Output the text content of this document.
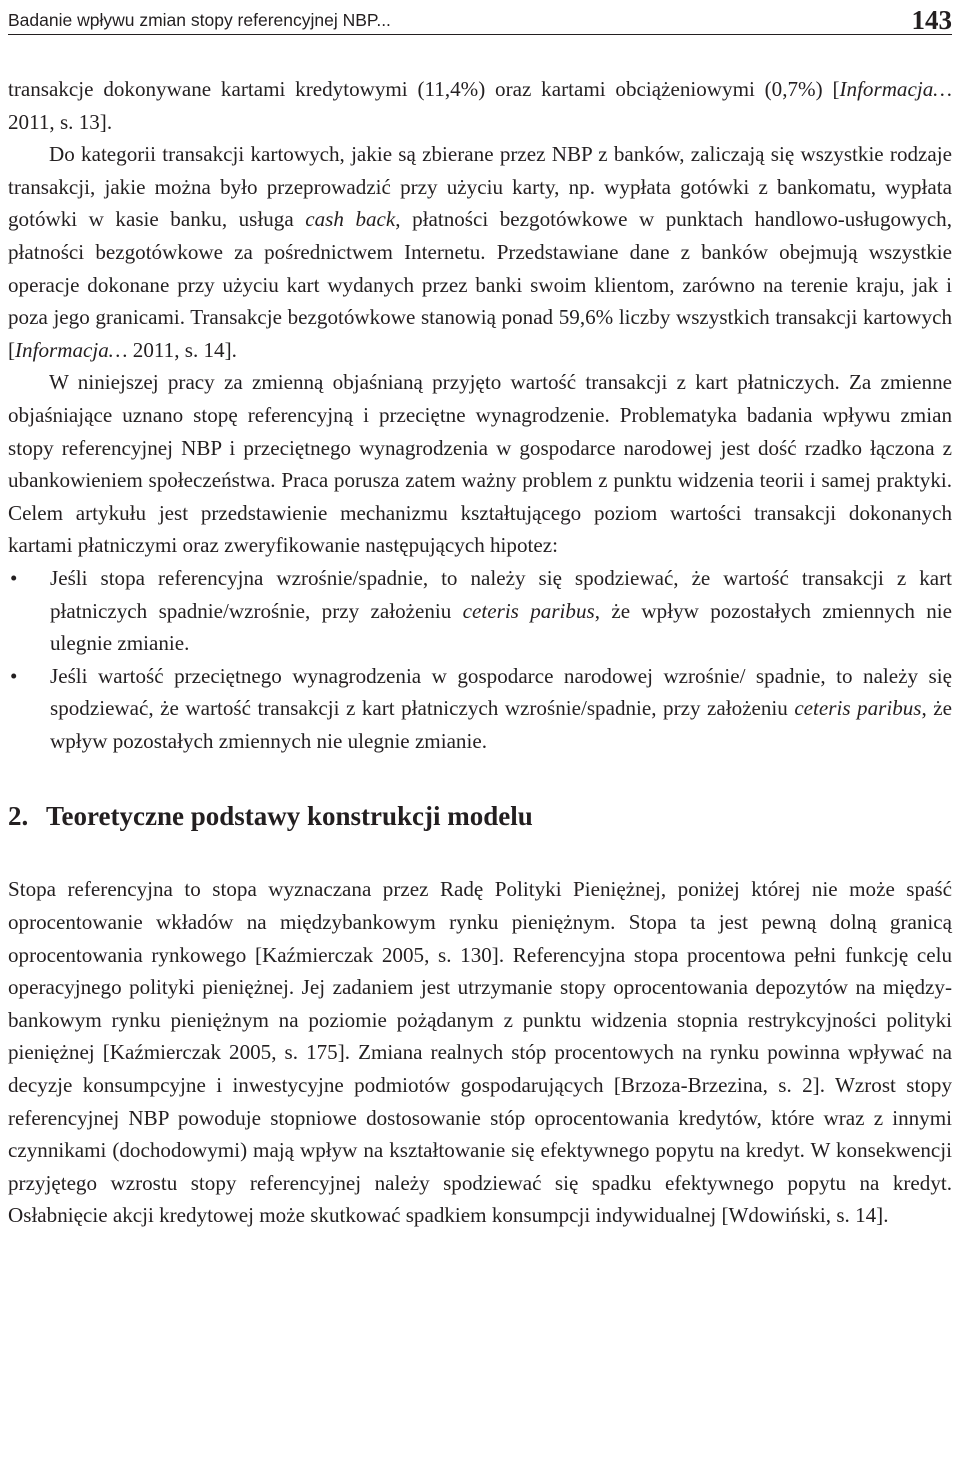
Badanie wpływu zmian stopy referencyjnej NBP...	143

transakcje dokonywane kartami kredytowymi (11,4%) oraz kartami obciążeniowymi (0,7%) [Informacja… 2011, s. 13].

Do kategorii transakcji kartowych, jakie są zbierane przez NBP z banków, zaliczają się wszystkie rodzaje transakcji, jakie można było przeprowadzić przy użyciu karty, np. wypłata gotówki z bankomatu, wypłata gotówki w kasie banku, usługa cash back, płatności bezgotówkowe w punktach handlowo-usługowych, płatności bezgotówkowe za pośrednictwem Internetu. Przedstawiane dane z banków obejmują wszystkie operacje dokonane przy użyciu kart wydanych przez banki swoim klientom, zarówno na terenie kraju, jak i poza jego granicami. Transakcje bezgotówkowe stanowią ponad 59,6% liczby wszystkich transakcji kartowych [Informacja… 2011, s. 14].

W niniejszej pracy za zmienną objaśnianą przyjęto wartość transakcji z kart płatniczych. Za zmienne objaśniające uznano stopę referencyjną i przeciętne wynagrodzenie. Problematyka badania wpływu zmian stopy referencyjnej NBP i przeciętnego wynagrodzenia w gospodarce narodowej jest dość rzadko łączona z ubankowieniem społeczeństwa. Praca porusza zatem ważny problem z punktu widzenia teorii i samej praktyki. Celem artykułu jest przedstawienie mechanizmu kształtującego poziom wartości transakcji dokonanych kartami płatniczymi oraz zweryfikowanie następujących hipotez:

• Jeśli stopa referencyjna wzrośnie/spadnie, to należy się spodziewać, że wartość transakcji z kart płatniczych spadnie/wzrośnie, przy założeniu ceteris paribus, że wpływ pozostałych zmiennych nie ulegnie zmianie.
• Jeśli wartość przeciętnego wynagrodzenia w gospodarce narodowej wzrośnie/ spadnie, to należy się spodziewać, że wartość transakcji z kart płatniczych wzrośnie/spadnie, przy założeniu ceteris paribus, że wpływ pozostałych zmiennych nie ulegnie zmianie.
2. Teoretyczne podstawy konstrukcji modelu

Stopa referencyjna to stopa wyznaczana przez Radę Polityki Pieniężnej, poniżej której nie może spaść oprocentowanie wkładów na międzybankowym rynku pieniężnym. Stopa ta jest pewną dolną granicą oprocentowania rynkowego [Kaźmierczak 2005, s. 130]. Referencyjna stopa procentowa pełni funkcję celu operacyjnego polityki pieniężnej. Jej zadaniem jest utrzymanie stopy oprocentowania depozytów na międzybankowym rynku pieniężnym na poziomie pożądanym z punktu widzenia stopnia restrykcyjności polityki pieniężnej [Kaźmierczak 2005, s. 175]. Zmiana realnych stóp procentowych na rynku powinna wpływać na decyzje konsumpcyjne i inwestycyjne podmiotów gospodarujących [Brzoza-Brzezina, s. 2]. Wzrost stopy referencyjnej NBP powoduje stopniowe dostosowanie stóp oprocentowania kredytów, które wraz z innymi czynnikami (dochodowymi) mają wpływ na kształtowanie się efektywnego popytu na kredyt. W konsekwencji przyjętego wzrostu stopy referencyjnej należy spodziewać się spadku efektywnego popytu na kredyt. Osłabnięcie akcji kredytowej może skutkować spadkiem konsumpcji indywidualnej [Wdowiński, s. 14].
